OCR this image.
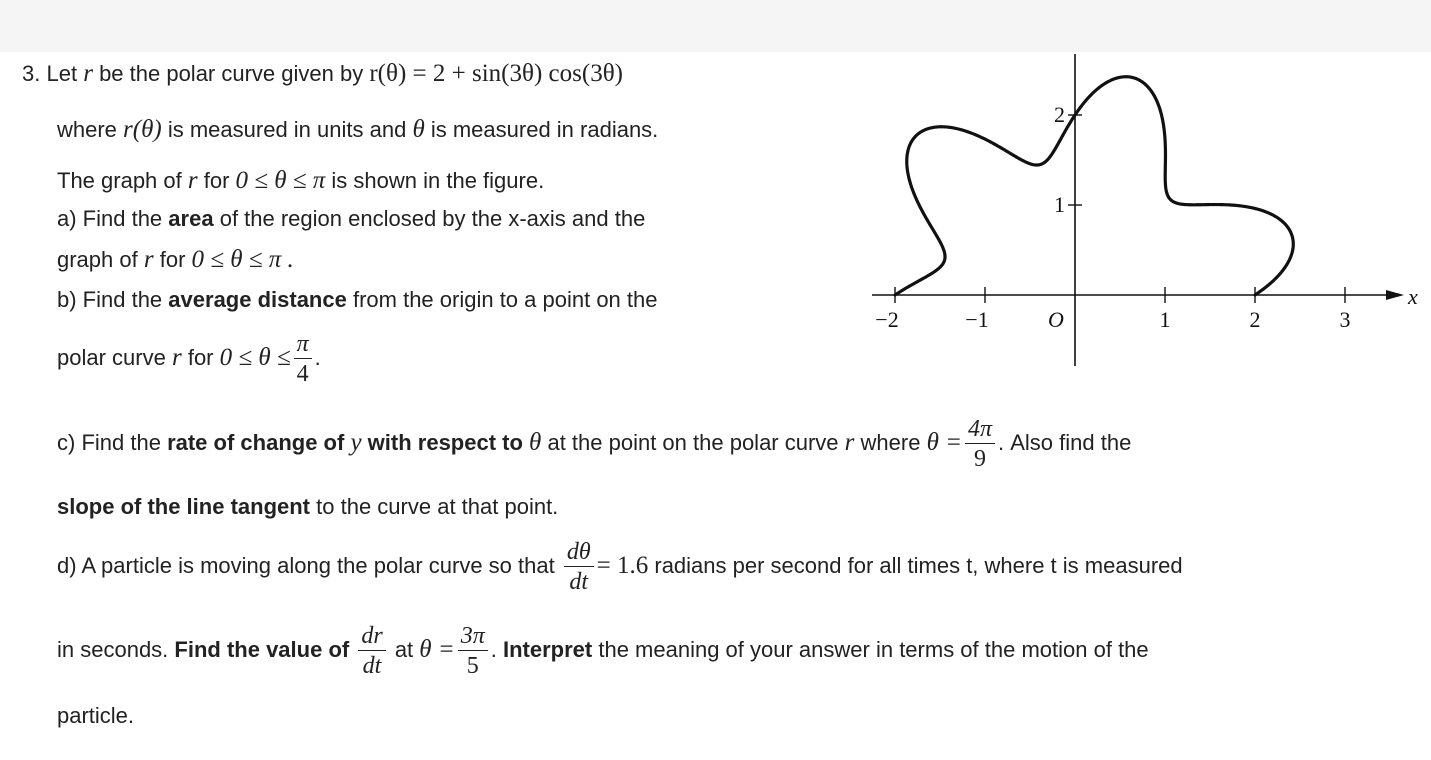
3. Let r be the polar curve given by r(θ) = 2 + sin(3θ) cos(3θ)
where r(θ) is measured in units and θ is measured in radians.
The graph of r for 0 ≤ θ ≤ π is shown in the figure.
a) Find the area of the region enclosed by the x-axis and the
graph of r for 0 ≤ θ ≤ π .
b) Find the average distance from the origin to a point on the
polar curve r for $0 \le \theta \le \frac{\pi}{4}$ .
c) Find the rate of change of y with respect to θ at the point on the polar curve r where $\theta = \frac{4\pi}{9}$ . Also find the
slope of the line tangent to the curve at that point.
d) A particle is moving along the polar curve so that $\frac{d\theta}{dt} = 1.6$ radians per second for all times t, where t is measured
in seconds. Find the value of $\frac{dr}{dt}$ at $\theta = \frac{3\pi}{5}$ . Interpret the meaning of your answer in terms of the motion of the
particle.
x
−2	−1	1	2	3
1
2
O
